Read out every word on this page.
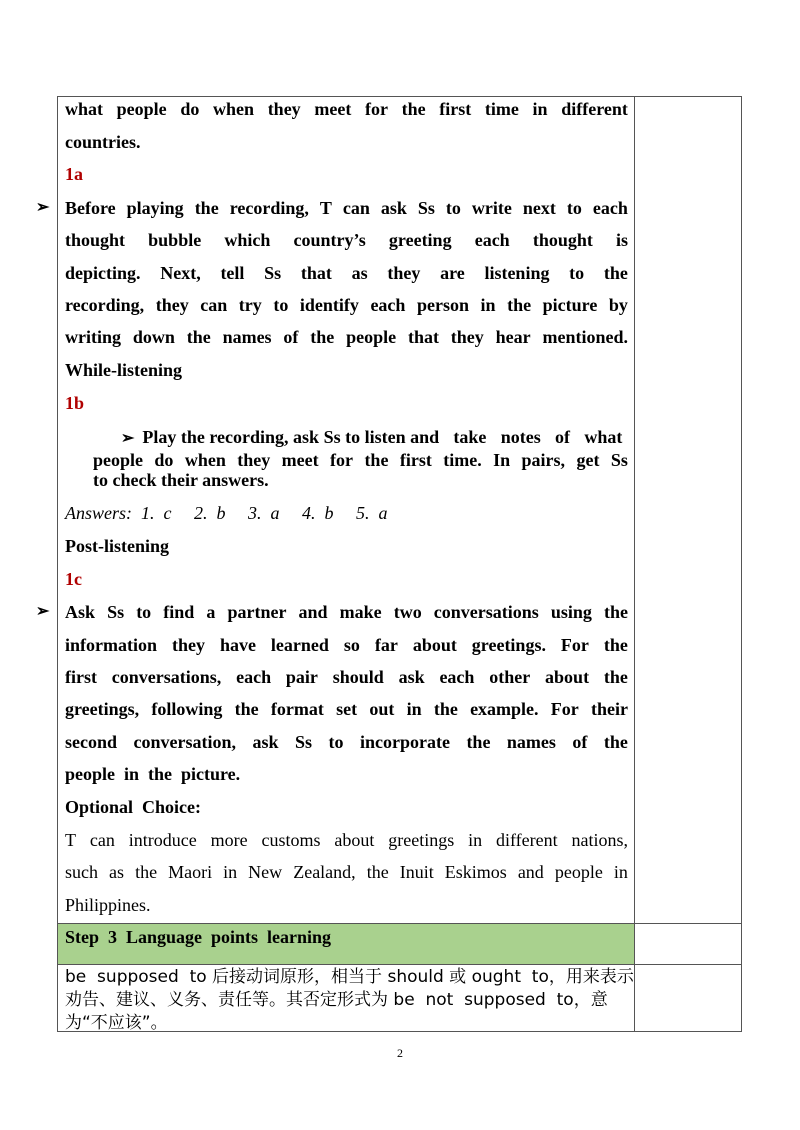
what people do when they meet for the first time in different
countries.
1a
➢ Before playing the recording, T can ask Ss to write next to each
thought bubble which country’s greeting each thought is
depicting. Next, tell Ss that as they are listening to the
recording, they can try to identify each person in the picture by
writing down the names of the people that they hear mentioned.
While-listening
1b
➢ Play the recording, ask Ss to listen and take notes of what
people do when they meet for the first time. In pairs, get Ss
to check their answers.
Answers:  1.  c     2.  b     3.  a     4.  b     5.  a
Post-listening
1c
➢ Ask Ss to find a partner and make two conversations using the
information they have learned so far about greetings. For the
first conversations, each pair should ask each other about the
greetings, following the format set out in the example. For their
second conversation, ask Ss to incorporate the names of the
people  in  the  picture.
Optional  Choice:
T can introduce more customs about greetings in different nations,
such as the Maori in New Zealand, the Inuit Eskimos and people in
Philippines.
Step  3  Language  points  learning
be  supposed  to 后接动词原形，相当于 should 或 ought  to，用来表示
劝告、建议、义务、责任等。其否定形式为 be  not  supposed  to，意
为“不应该”。
2
